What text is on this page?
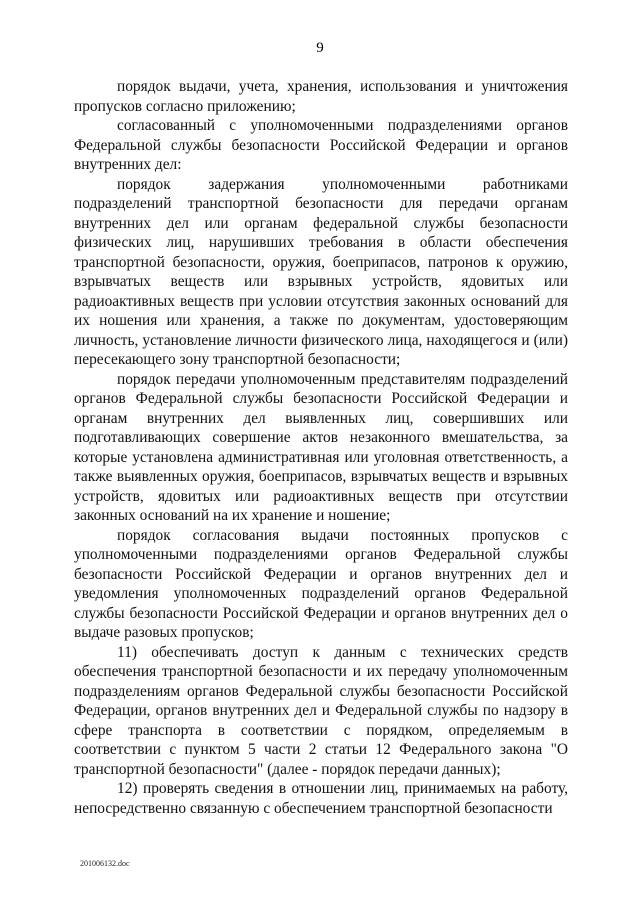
9

порядок выдачи, учета, хранения, использования и уничтожения пропусков согласно приложению;

согласованный с уполномоченными подразделениями органов Федеральной службы безопасности Российской Федерации и органов внутренних дел:

порядок задержания уполномоченными работниками подразделений транспортной безопасности для передачи органам внутренних дел или органам федеральной службы безопасности физических лиц, нарушивших требования в области обеспечения транспортной безопасности, оружия, боеприпасов, патронов к оружию, взрывчатых веществ или взрывных устройств, ядовитых или радиоактивных веществ при условии отсутствия законных оснований для их ношения или хранения, а также по документам, удостоверяющим личность, установление личности физического лица, находящегося и (или) пересекающего зону транспортной безопасности;

порядок передачи уполномоченным представителям подразделений органов Федеральной службы безопасности Российской Федерации и органам внутренних дел выявленных лиц, совершивших или подготавливающих совершение актов незаконного вмешательства, за которые установлена административная или уголовная ответственность, а также выявленных оружия, боеприпасов, взрывчатых веществ и взрывных устройств, ядовитых или радиоактивных веществ при отсутствии законных оснований на их хранение и ношение;

порядок согласования выдачи постоянных пропусков с уполномоченными подразделениями органов Федеральной службы безопасности Российской Федерации и органов внутренних дел и уведомления уполномоченных подразделений органов Федеральной службы безопасности Российской Федерации и органов внутренних дел о выдаче разовых пропусков;

11) обеспечивать доступ к данным с технических средств обеспечения транспортной безопасности и их передачу уполномоченным подразделениям органов Федеральной службы безопасности Российской Федерации, органов внутренних дел и Федеральной службы по надзору в сфере транспорта в соответствии с порядком, определяемым в соответствии с пунктом 5 части 2 статьи 12 Федерального закона "О транспортной безопасности" (далее - порядок передачи данных);

12) проверять сведения в отношении лиц, принимаемых на работу, непосредственно связанную с обеспечением транспортной безопасности

201006132.doc
